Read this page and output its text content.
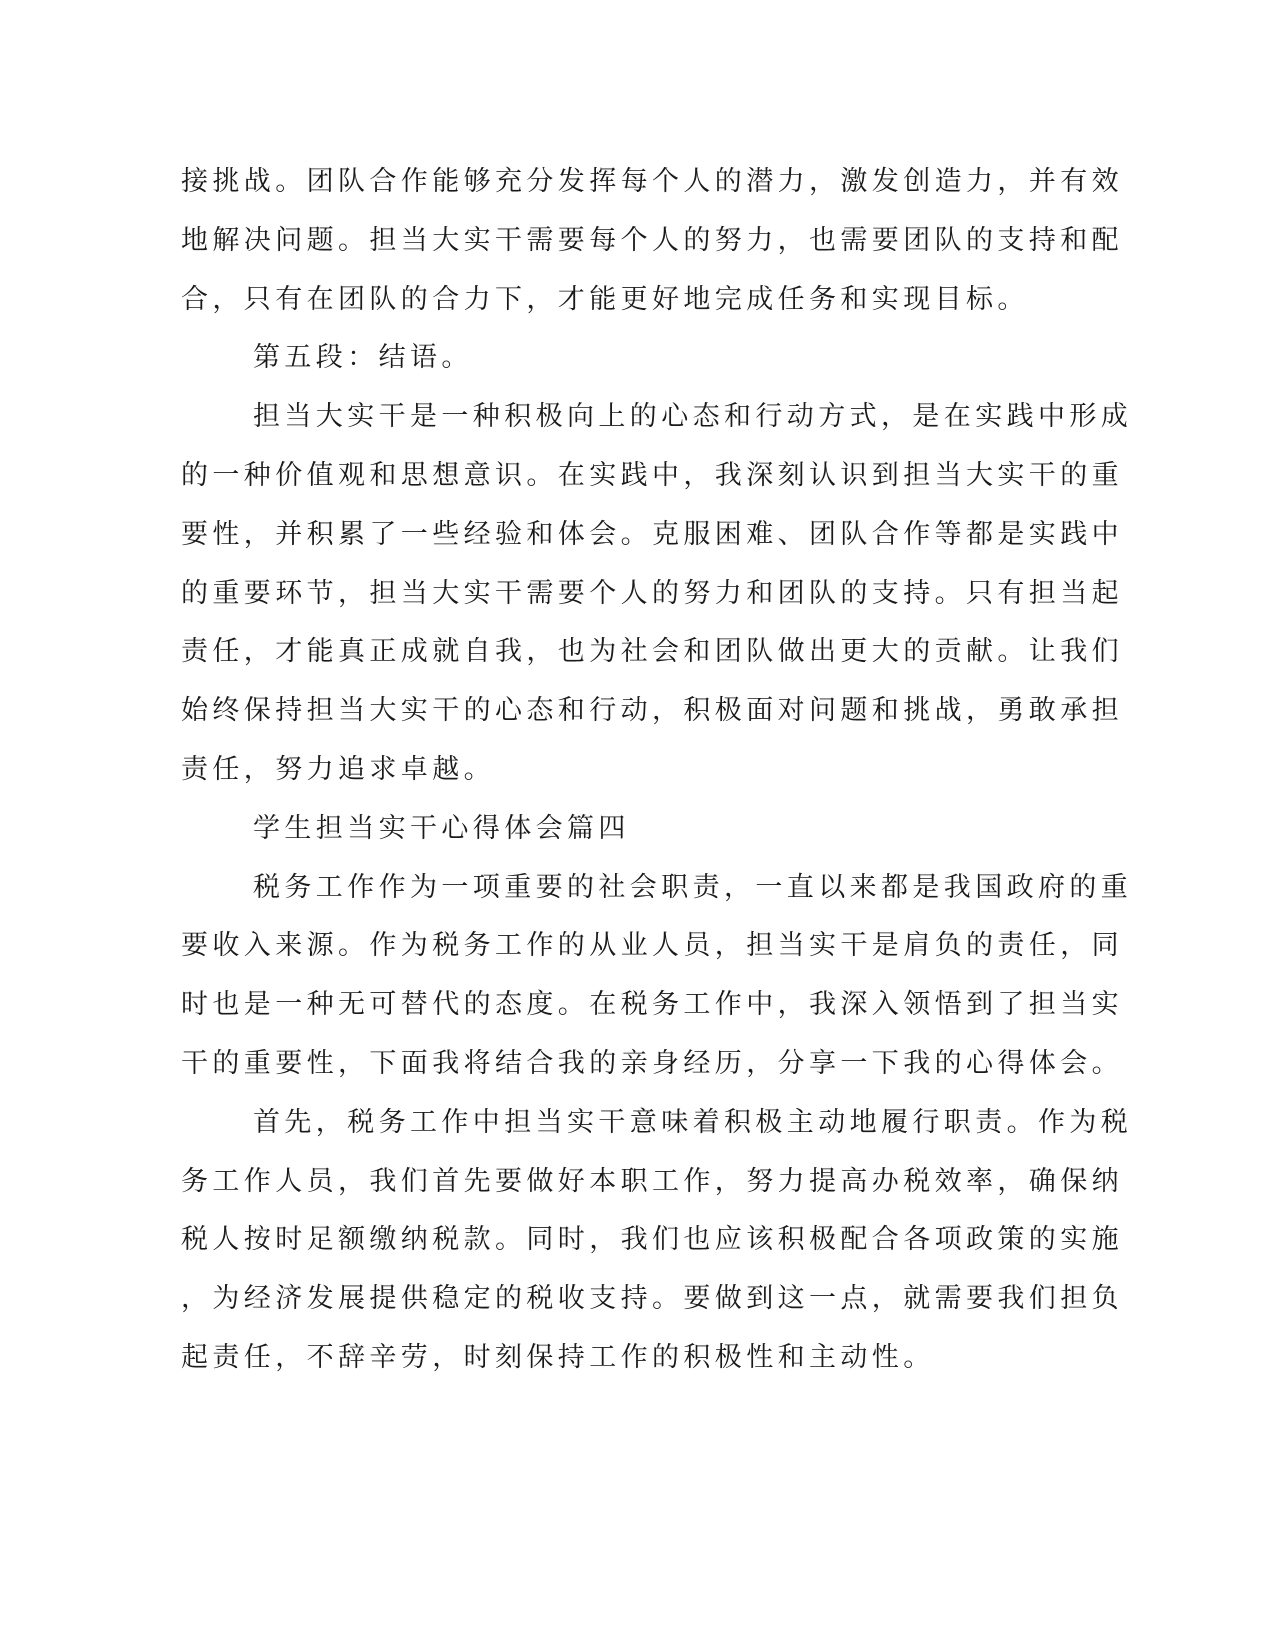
接挑战。团队合作能够充分发挥每个人的潜力，激发创造力，并有效

地解决问题。担当大实干需要每个人的努力，也需要团队的支持和配

合，只有在团队的合力下，才能更好地完成任务和实现目标。

第五段：结语。

担当大实干是一种积极向上的心态和行动方式，是在实践中形成

的一种价值观和思想意识。在实践中，我深刻认识到担当大实干的重

要性，并积累了一些经验和体会。克服困难、团队合作等都是实践中

的重要环节，担当大实干需要个人的努力和团队的支持。只有担当起

责任，才能真正成就自我，也为社会和团队做出更大的贡献。让我们

始终保持担当大实干的心态和行动，积极面对问题和挑战，勇敢承担

责任，努力追求卓越。

学生担当实干心得体会篇四

税务工作作为一项重要的社会职责，一直以来都是我国政府的重

要收入来源。作为税务工作的从业人员，担当实干是肩负的责任，同

时也是一种无可替代的态度。在税务工作中，我深入领悟到了担当实

干的重要性，下面我将结合我的亲身经历，分享一下我的心得体会。

首先，税务工作中担当实干意味着积极主动地履行职责。作为税

务工作人员，我们首先要做好本职工作，努力提高办税效率，确保纳

税人按时足额缴纳税款。同时，我们也应该积极配合各项政策的实施

，为经济发展提供稳定的税收支持。要做到这一点，就需要我们担负

起责任，不辞辛劳，时刻保持工作的积极性和主动性。
